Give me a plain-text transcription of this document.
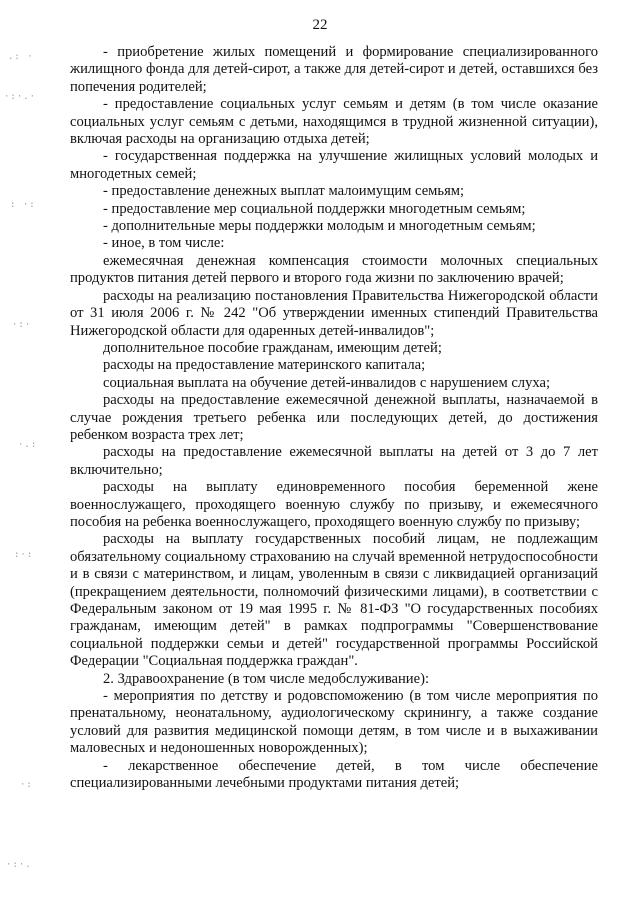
22
.: ·
·:·.·
: ·:
·:·
·.:
:·:
·:
·:·.

- приобретение жилых помещений и формирование специализированного жилищного фонда для детей-сирот, а также для детей-сирот и детей, оставшихся без попечения родителей;

- предоставление социальных услуг семьям и детям (в том числе оказание социальных услуг семьям с детьми, находящимся в трудной жизненной ситуации), включая расходы на организацию отдыха детей;

- государственная поддержка на улучшение жилищных условий молодых и многодетных семей;

- предоставление денежных выплат малоимущим семьям;

- предоставление мер социальной поддержки многодетным семьям;

- дополнительные меры поддержки молодым и многодетным семьям;

- иное, в том числе:

ежемесячная денежная компенсация стоимости молочных специальных продуктов питания детей первого и второго года жизни по заключению врачей;

расходы на реализацию постановления Правительства Нижегородской области от 31 июля 2006 г. № 242 "Об утверждении именных стипендий Правительства Нижегородской области для одаренных детей-инвалидов";

дополнительное пособие гражданам, имеющим детей;

расходы на предоставление материнского капитала;

социальная выплата на обучение детей-инвалидов с нарушением слуха;

расходы на предоставление ежемесячной денежной выплаты, назначаемой в случае рождения третьего ребенка или последующих детей, до достижения ребенком возраста трех лет;

расходы на предоставление ежемесячной выплаты на детей от 3 до 7 лет включительно;

расходы на выплату единовременного пособия беременной жене военнослужащего, проходящего военную службу по призыву, и ежемесячного пособия на ребенка военнослужащего, проходящего военную службу по призыву;

расходы на выплату государственных пособий лицам, не подлежащим обязательному социальному страхованию на случай временной нетрудоспособности и в связи с материнством, и лицам, уволенным в связи с ликвидацией организаций (прекращением деятельности, полномочий физическими лицами), в соответствии с Федеральным законом от 19 мая 1995 г. № 81-ФЗ "О государственных пособиях гражданам, имеющим детей" в рамках подпрограммы "Совершенствование социальной поддержки семьи и детей" государственной программы Российской Федерации "Социальная поддержка граждан".

2. Здравоохранение (в том числе медобслуживание):

- мероприятия по детству и родовспоможению (в том числе мероприятия по пренатальному, неонатальному, аудиологическому скринингу, а также создание условий для развития медицинской помощи детям, в том числе и в выхаживании маловесных и недоношенных новорожденных);

- лекарственное обеспечение детей, в том числе обеспечение специализированными лечебными продуктами питания детей;
